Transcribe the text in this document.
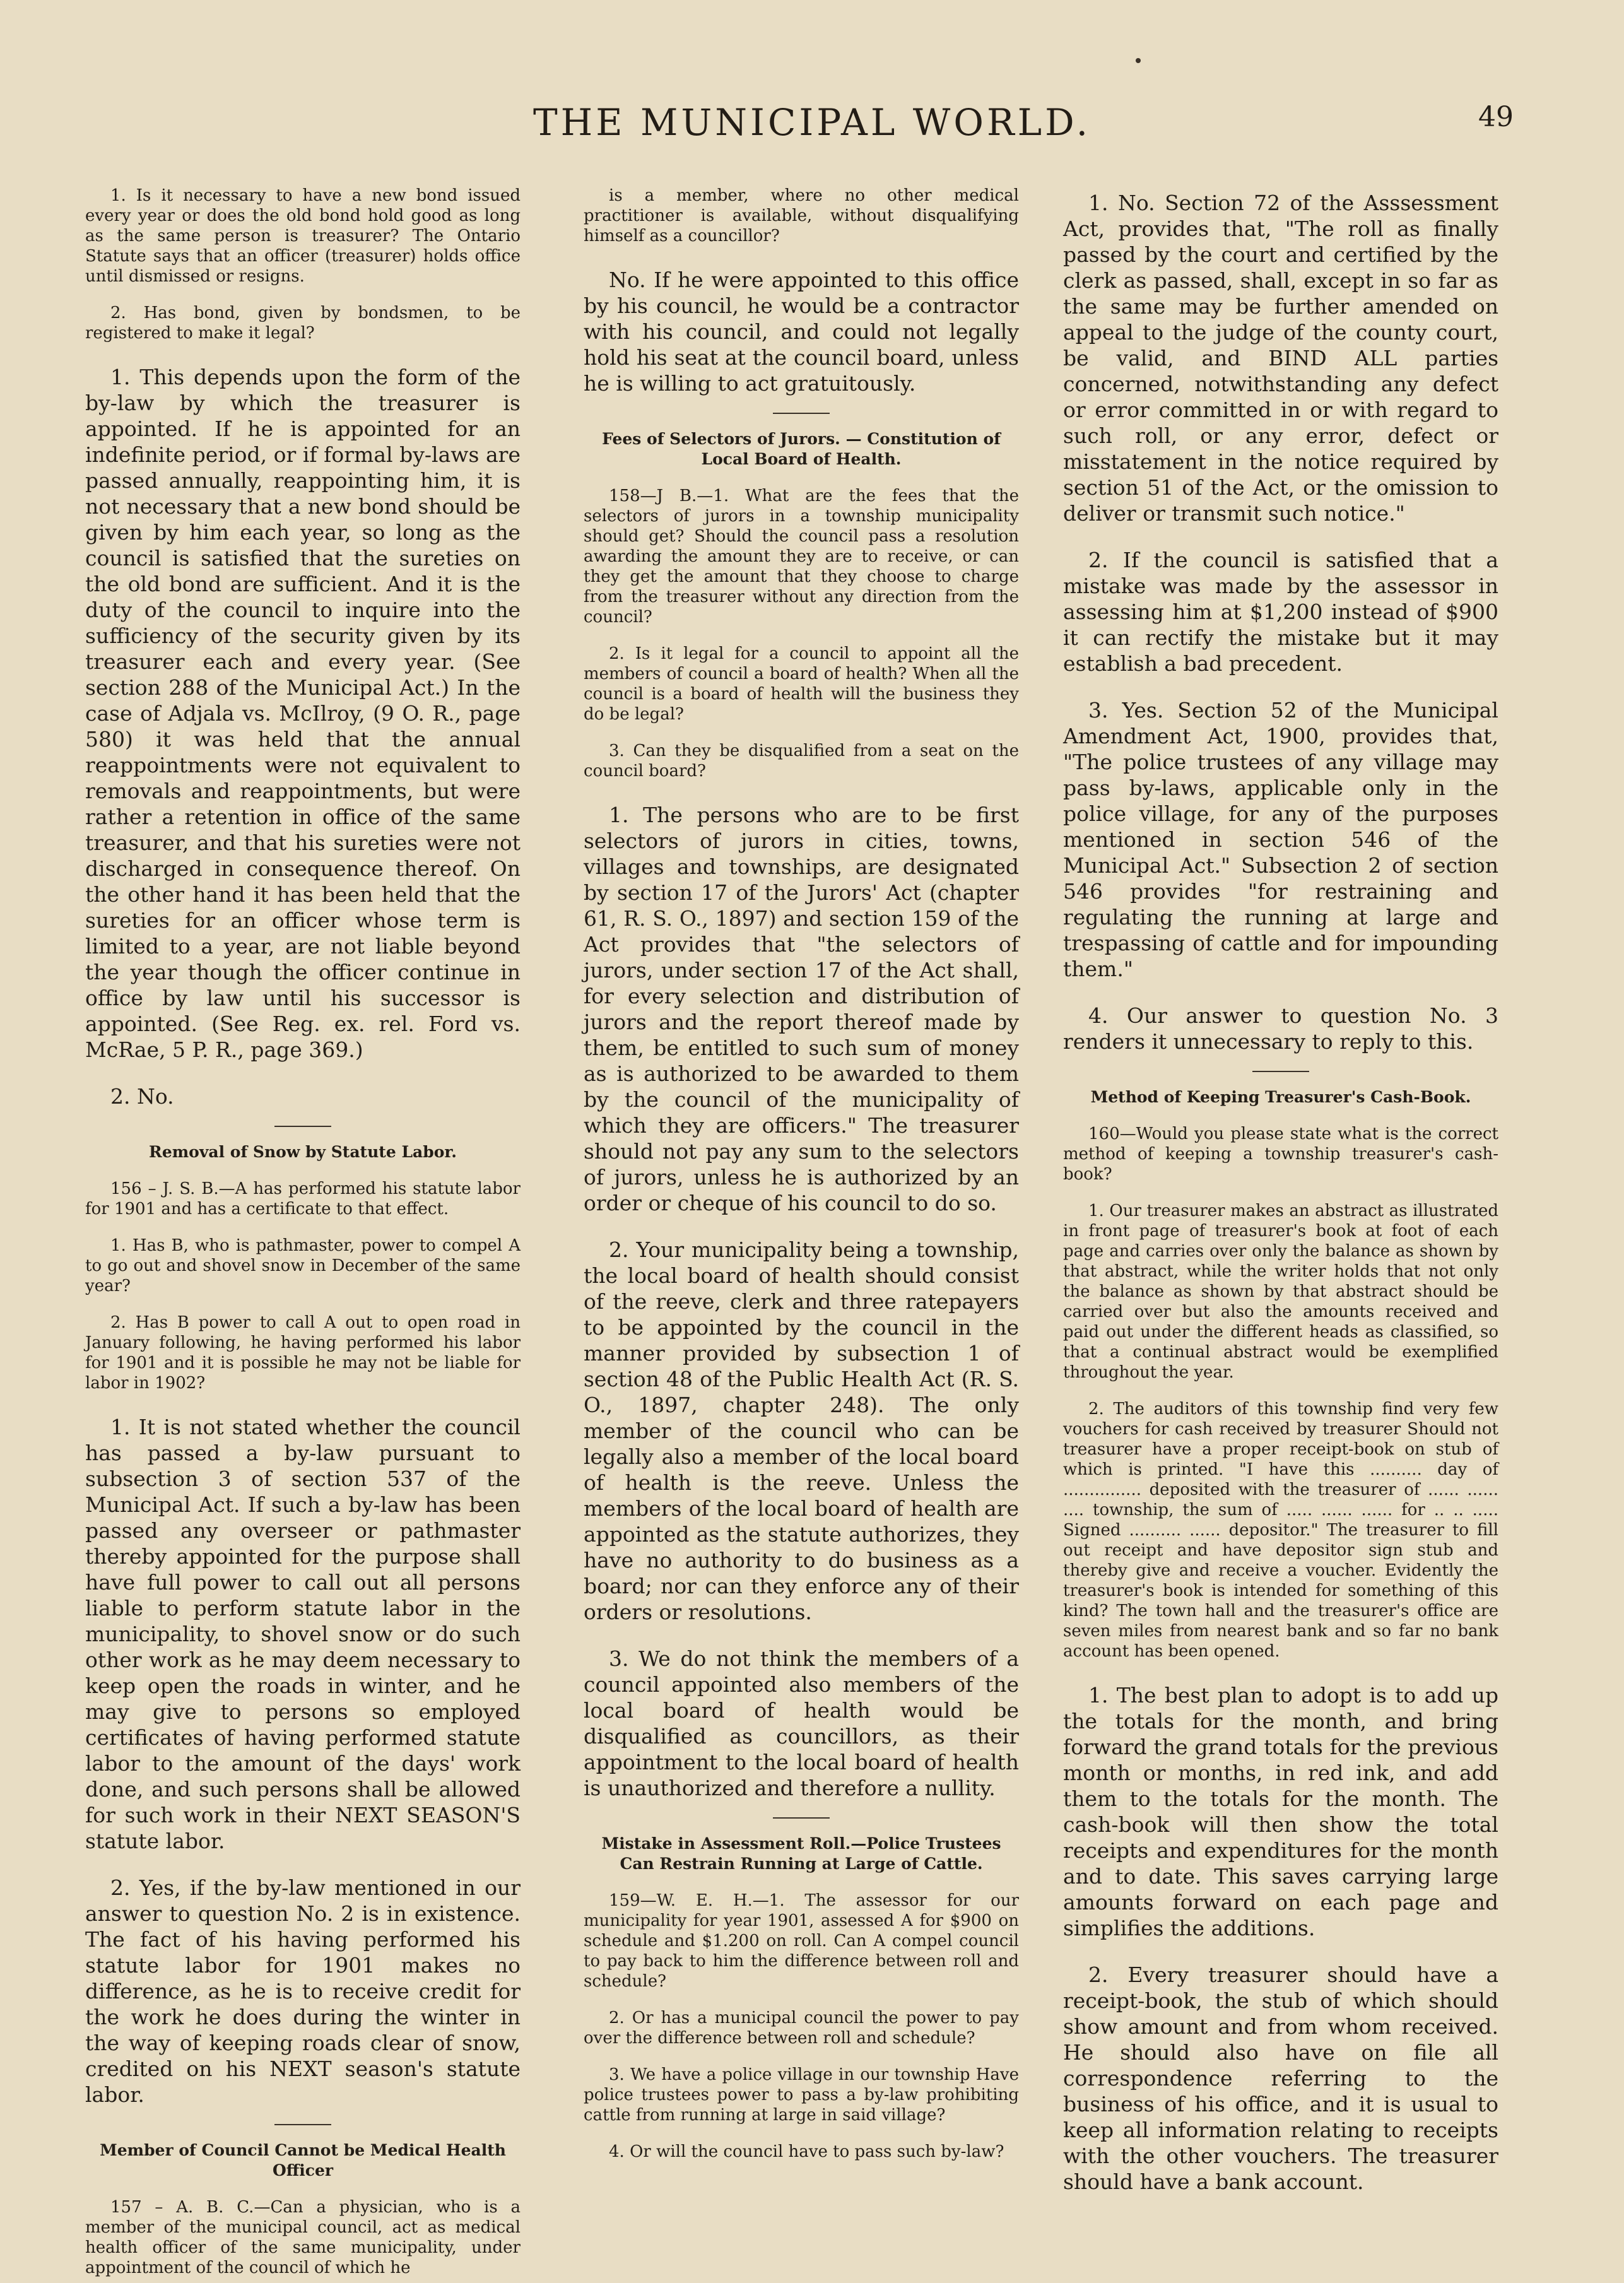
THE MUNICIPAL WORLD.	49

1. Is it necessary to have a new bond issued every year or does the old bond hold good as long as the same person is treasurer? The Ontario Statute says that an officer (treasurer) holds office until dismissed or resigns.

2. Has bond, given by bondsmen, to be registered to make it legal?

1. This depends upon the form of the by-law by which the treasurer is appointed. If he is appointed for an indefinite period, or if formal by-laws are passed annually, reappointing him, it is not necessary that a new bond should be given by him each year, so long as the council is satisfied that the sureties on the old bond are sufficient. And it is the duty of the council to inquire into the sufficiency of the security given by its treasurer each and every year. (See section 288 of the Municipal Act.) In the case of Adjala vs. McIlroy, (9 O. R., page 580) it was held that the annual reappointments were not equivalent to removals and reappointments, but were rather a retention in office of the same treasurer, and that his sureties were not discharged in consequence thereof. On the other hand it has been held that the sureties for an officer whose term is limited to a year, are not liable beyond the year though the officer continue in office by law until his successor is appointed. (See Reg. ex. rel. Ford vs. McRae, 5 P. R., page 369.)

2. No.

Removal of Snow by Statute Labor.

156 – J. S. B.—A has performed his statute labor for 1901 and has a certificate to that effect.

1. Has B, who is pathmaster, power to compel A to go out and shovel snow in December of the same year?

2. Has B power to call A out to open road in January following, he having performed his labor for 1901 and it is possible he may not be liable for labor in 1902?

1. It is not stated whether the council has passed a by-law pursuant to subsection 3 of section 537 of the Municipal Act. If such a by-law has been passed any overseer or pathmaster thereby appointed for the purpose shall have full power to call out all persons liable to perform statute labor in the municipality, to shovel snow or do such other work as he may deem necessary to keep open the roads in winter, and he may give to persons so employed certificates of having performed statute labor to the amount of the days' work done, and such persons shall be allowed for such work in their NEXT SEASON'S statute labor.

2. Yes, if the by-law mentioned in our answer to question No. 2 is in existence. The fact of his having performed his statute labor for 1901 makes no difference, as he is to receive credit for the work he does during the winter in the way of keeping roads clear of snow, credited on his NEXT season's statute labor.

Member of Council Cannot be Medical Health Officer

157 – A. B. C.—Can a physician, who is a member of the municipal council, act as medical health officer of the same municipality, under appointment of the council of which he

is a member, where no other medical practitioner is available, without disqualifying himself as a councillor?

No. If he were appointed to this office by his council, he would be a contractor with his council, and could not legally hold his seat at the council board, unless he is willing to act gratuitously.

Fees of Selectors of Jurors. — Constitution of Local Board of Health.

158—J B.—1. What are the fees that the selectors of jurors in a township municipality should get? Should the council pass a resolution awarding the amount they are to receive, or can they get the amount that they choose to charge from the treasurer without any direction from the council?

2. Is it legal for a council to appoint all the members of council a board of health? When all the council is a board of health will the business they do be legal?

3. Can they be disqualified from a seat on the council board?

1. The persons who are to be first selectors of jurors in cities, towns, villages and townships, are designated by section 17 of the Jurors' Act (chapter 61, R. S. O., 1897) and section 159 of the Act provides that "the selectors of jurors, under section 17 of the Act shall, for every selection and distribution of jurors and the report thereof made by them, be entitled to such sum of money as is authorized to be awarded to them by the council of the municipality of which they are officers." The treasurer should not pay any sum to the selectors of jurors, unless he is authorized by an order or cheque of his council to do so.

2. Your municipality being a township, the local board of health should consist of the reeve, clerk and three ratepayers to be appointed by the council in the manner provided by subsection 1 of section 48 of the Public Health Act (R. S. O., 1897, chapter 248). The only member of the council who can be legally also a member of the local board of health is the reeve. Unless the members of the local board of health are appointed as the statute authorizes, they have no authority to do business as a board; nor can they enforce any of their orders or resolutions.

3. We do not think the members of a council appointed also members of the local board of health would be disqualified as councillors, as their appointment to the local board of health is unauthorized and therefore a nullity.

Mistake in Assessment Roll.—Police Trustees Can Restrain Running at Large of Cattle.

159—W. E. H.—1. The assessor for our municipality for year 1901, assessed A for $900 on schedule and $1.200 on roll. Can A compel council to pay back to him the difference between roll and schedule?

2. Or has a municipal council the power to pay over the difference between roll and schedule?

3. We have a police village in our township Have police trustees power to pass a by-law prohibiting cattle from running at large in said village?

4. Or will the council have to pass such by-law?

1. No. Section 72 of the Asssessment Act, provides that, "The roll as finally passed by the court and certified by the clerk as passed, shall, except in so far as the same may be further amended on appeal to the judge of the county court, be valid, and BIND ALL parties concerned, notwithstanding any defect or error committed in or with regard to such roll, or any error, defect or misstatement in the notice required by section 51 of the Act, or the omission to deliver or transmit such notice."

2. If the council is satisfied that a mistake was made by the assessor in assessing him at $1,200 instead of $900 it can rectify the mistake but it may establish a bad precedent.

3. Yes. Section 52 of the Municipal Amendment Act, 1900, provides that, "The police trustees of any village may pass by-laws, applicable only in the police village, for any of the purposes mentioned in section 546 of the Municipal Act." Subsection 2 of section 546 provides "for restraining and regulating the running at large and trespassing of cattle and for impounding them."

4. Our answer to question No. 3 renders it unnecessary to reply to this.

Method of Keeping Treasurer's Cash-Book.

160—Would you please state what is the correct method of keeping a township treasurer's cash-book?

1. Our treasurer makes an abstract as illustrated in front page of treasurer's book at foot of each page and carries over only the balance as shown by that abstract, while the writer holds that not only the balance as shown by that abstract should be carried over but also the amounts received and paid out under the different heads as classified, so that a continual abstract would be exemplified throughout the year.

2. The auditors of this township find very few vouchers for cash received by treasurer Should not treasurer have a proper receipt-book on stub of which is printed. "I have this .......... day of ............... deposited with the treasurer of ...... ...... .... township, the sum of ..... ...... ...... for .. .. ..... Signed .......... ...... depositor." The treasurer to fill out receipt and have depositor sign stub and thereby give and receive a voucher. Evidently the treasurer's book is intended for something of this kind? The town hall and the treasurer's office are seven miles from nearest bank and so far no bank account has been opened.

1. The best plan to adopt is to add up the totals for the month, and bring forward the grand totals for the previous month or months, in red ink, and add them to the totals for the month. The cash-book will then show the total receipts and expenditures for the month and to date. This saves carrying large amounts forward on each page and simplifies the additions.

2. Every treasurer should have a receipt-book, the stub of which should show amount and from whom received. He should also have on file all correspondence referring to the business of his office, and it is usual to keep all information relating to receipts with the other vouchers. The treasurer should have a bank account.
